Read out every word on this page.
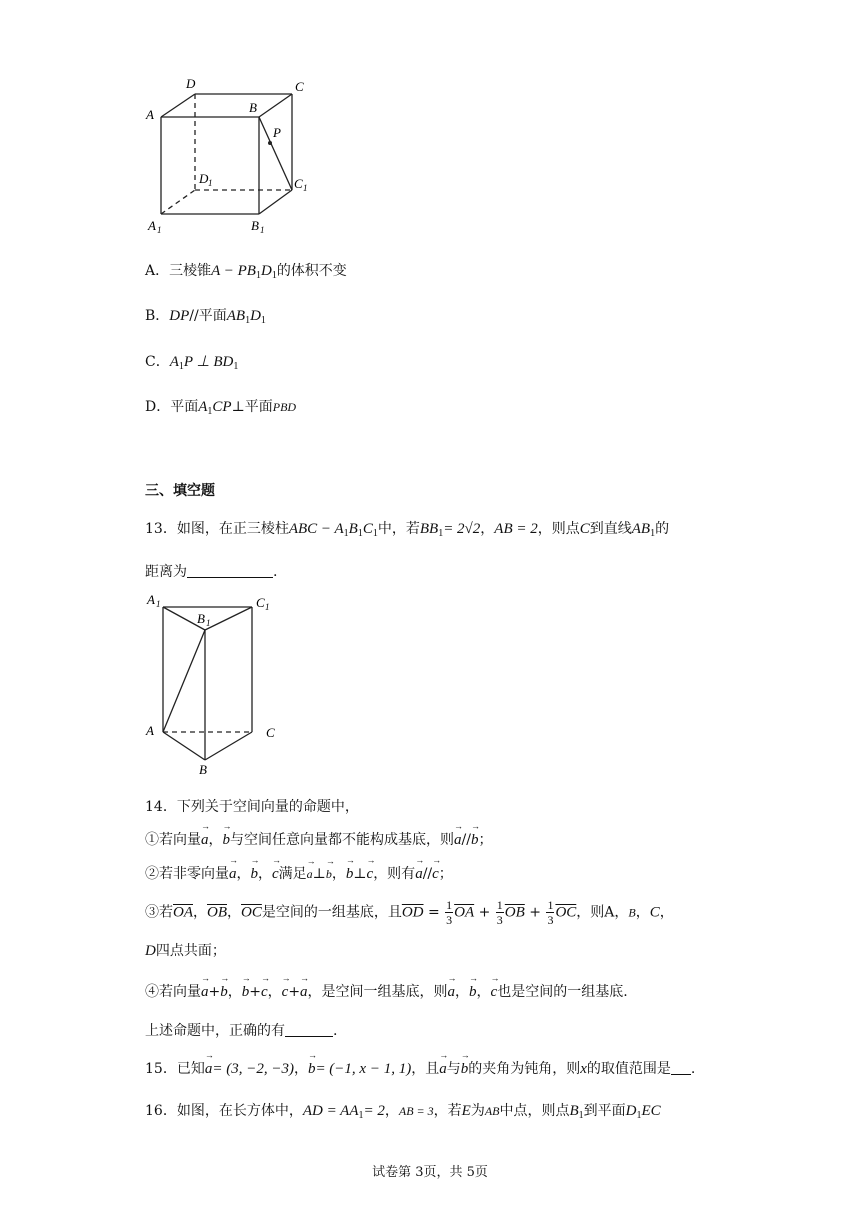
D	C
A	B
P
D 1	C 1
A 1	B 1
A．三棱锥$A - PB_1D_1$的体积不变
B．DP//平面$AB_1D_1$
C．$A_1P$ ⊥ $BD_1$
D．平面$A_1CP\perp$平面PBD
三、填空题
13．如图，在正三棱柱ABC − $A_1B_1C_1$中，若$BB_1= 2√2$，AB = 2，则点C到直线$AB_1$的
距离为	.
A 1
B 1
C 1
A	C
B
14．下列关于空间向量的命题中，
①若向量→ a，→ b与空间任意向量都不能构成基底，则→ a//→ b；
②若非零向量→ a，→ b，→ c满足→ a⊥→ b，→ b⊥→ c，则有→ a//→ c；
③若$\overline{OA}$，$\overline{OB}$，$\overline{OC}$是空间的一组基底，且$\overline{OD} = \frac{1}{3} \overline{OA} + \frac{1}{3} \overline{OB} + \frac{1}{3} \overline{OC}$，则A，B，C，
D四点共面；
④若向量→ a+→ b，→ b+→ c，→ c+→ a，是空间一组基底，则→ a，→ b，→ c也是空间的一组基底.
上述命题中，正确的有	.
15．已知→ a= (3, −2, −3)，→ b= (−1, x − 1, 1)，且→ a与→ b的夹角为钝角，则x的取值范围是 .
16．如图，在长方体中，AD = $AA_1= 2$，AB = 3，若E为AB中点，则点$B_1$到平面$D_1EC$
试卷第 3页，共 5页
